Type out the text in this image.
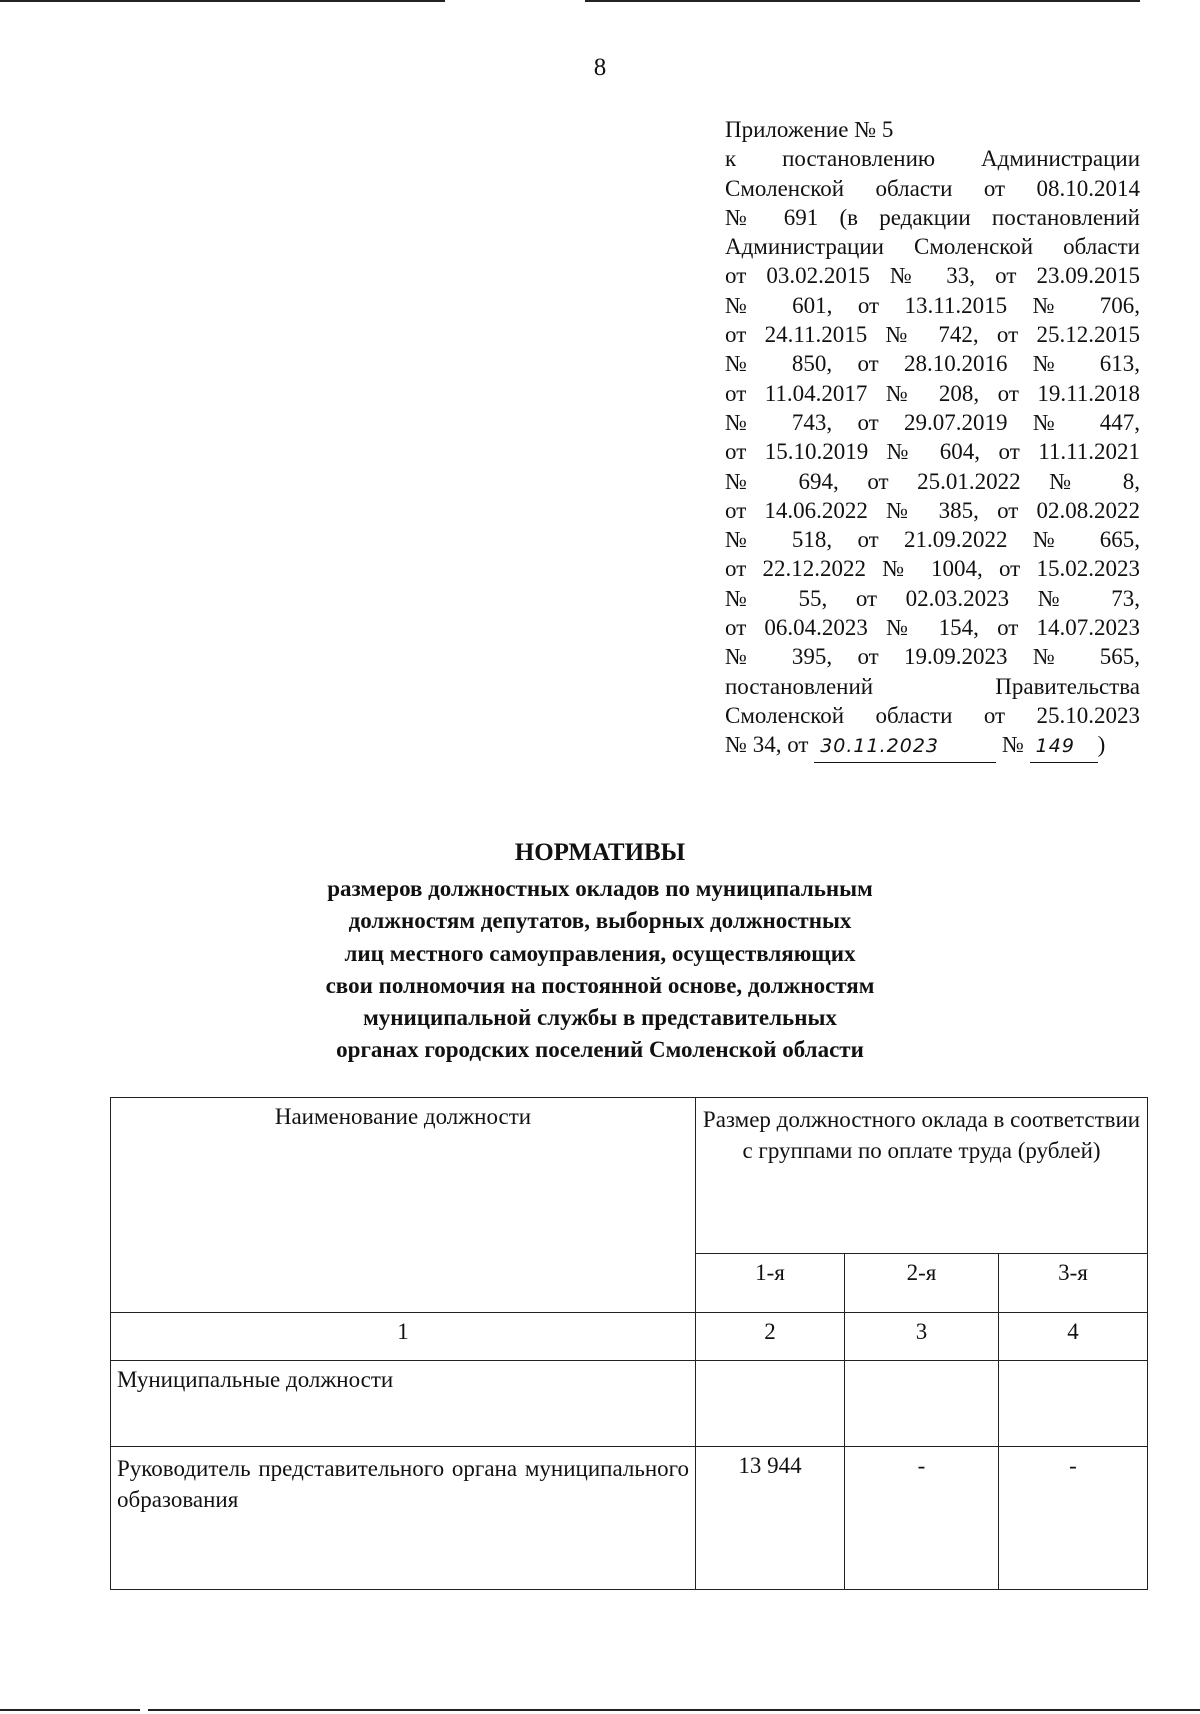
8
Приложение № 5
к постановлению Администрации
Смоленской области от 08.10.2014
№ 691 (в редакции постановлений
Администрации Смоленской области
от 03.02.2015 № 33, от 23.09.2015
№ 601, от 13.11.2015 № 706,
от 24.11.2015 № 742, от 25.12.2015
№ 850, от 28.10.2016 № 613,
от 11.04.2017 № 208, от 19.11.2018
№ 743, от 29.07.2019 № 447,
от 15.10.2019 № 604, от 11.11.2021
№ 694, от 25.01.2022 № 8,
от 14.06.2022 № 385, от 02.08.2022
№ 518, от 21.09.2022 № 665,
от 22.12.2022 № 1004, от 15.02.2023
№ 55, от 02.03.2023 № 73,
от 06.04.2023 № 154, от 14.07.2023
№ 395, от 19.09.2023 № 565,
постановлений Правительства
Смоленской области от 25.10.2023
№ 34, от 30.11.2023	№ 149 )
НОРМАТИВЫ
размеров должностных окладов по муниципальным
должностям депутатов, выборных должностных
лиц местного самоуправления, осуществляющих
свои полномочия на постоянной основе, должностям
муниципальной службы в представительных
органах городских поселений Смоленской области
Наименование должности	Размер должностного оклада в соответствии с группами по оплате труда (рублей)		
	1-я	2-я	3-я
1	2	3	4
Муниципальные должности			
Руководитель представительного органа муниципального образования	13 944	-	-
